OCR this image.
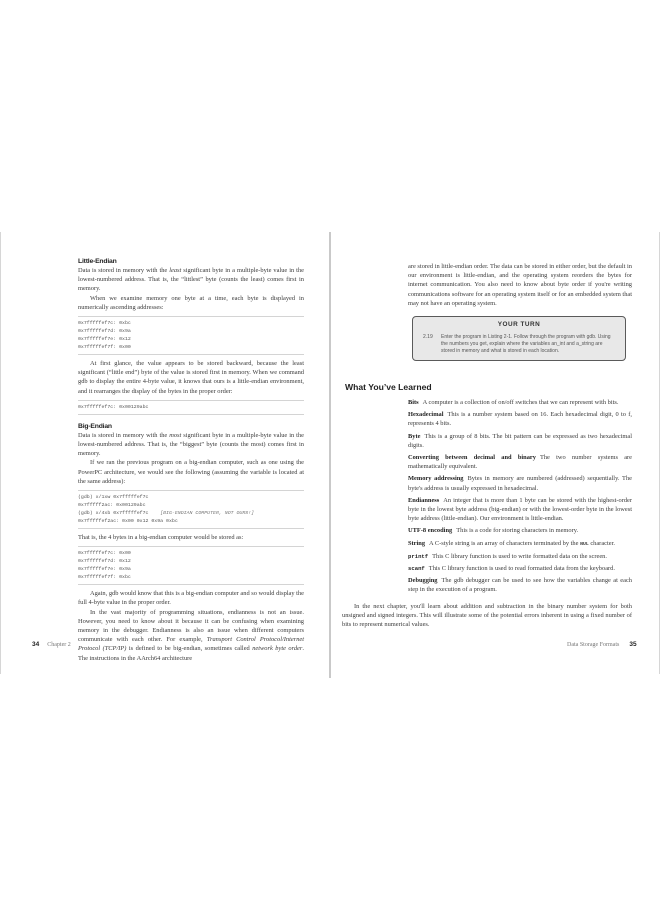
Little-Endian

Data is stored in memory with the least significant byte in a multiple-byte value in the lowest-numbered address. That is, the “littlest” byte (counts the least) comes first in memory.

When we examine memory one byte at a time, each byte is displayed in numerically ascending addresses:

0x7fffffef7c: 0xbc
0x7fffffef7d: 0x9a
0x7fffffef7e: 0x12
0x7fffffef7f: 0x00

At first glance, the value appears to be stored backward, because the least significant (“little end”) byte of the value is stored first in memory. When we command gdb to display the entire 4-byte value, it knows that ours is a little-endian environment, and it rearranges the display of the bytes in the proper order:

0x7fffffef7c: 0x00129abc
Big-Endian

Data is stored in memory with the most significant byte in a multiple-byte value in the lowest-numbered address. That is, the “biggest” byte (counts the most) comes first in memory.

If we ran the previous program on a big-endian computer, such as one using the PowerPC architecture, we would see the following (assuming the variable is located at the same address):

(gdb) x/1xw 0x7fffffef7c
0x7fffff2ac: 0x00129abc
(gdb) x/4xb 0x7fffffef7c    [BIG-ENDIAN COMPUTER, NOT OURS!]
0x7fffffef2ac: 0x00 0x12 0x9a 0xbc

That is, the 4 bytes in a big-endian computer would be stored as:

0x7fffffef7c: 0x00
0x7fffffef7d: 0x12
0x7fffffef7e: 0x9a
0x7fffffef7f: 0xbc

Again, gdb would know that this is a big-endian computer and so would display the full 4-byte value in the proper order.

In the vast majority of programming situations, endianness is not an issue. However, you need to know about it because it can be confusing when examining memory in the debugger. Endianness is also an issue when different computers communicate with each other. For example, Transport Control Protocol/Internet Protocol (TCP/IP) is defined to be big-endian, sometimes called network byte order. The instructions in the AArch64 architecture

34 Chapter 2

are stored in little-endian order. The data can be stored in either order, but the default in our environment is little-endian, and the operating system reorders the bytes for internet communication. You also need to know about byte order if you're writing communications software for an operating system itself or for an embedded system that may not have an operating system.

YOUR TURN
2.19	Enter the program in Listing 2-1. Follow through the program with gdb. Using the numbers you get, explain where the variables an_int and a_string are stored in memory and what is stored in each location.
What You’ve Learned

Bits A computer is a collection of on/off switches that we can represent with bits.

Hexadecimal This is a number system based on 16. Each hexadecimal digit, 0 to f, represents 4 bits.

Byte This is a group of 8 bits. The bit pattern can be expressed as two hexadecimal digits.

Converting between decimal and binary The two number systems are mathematically equivalent.

Memory addressing Bytes in memory are numbered (addressed) sequentially. The byte's address is usually expressed in hexadecimal.

Endianness An integer that is more than 1 byte can be stored with the highest-order byte in the lowest byte address (big-endian) or with the lowest-order byte in the lowest byte address (little-endian). Our environment is little-endian.

UTF-8 encoding This is a code for storing characters in memory.

String A C-style string is an array of characters terminated by the NUL character.

printf This C library function is used to write formatted data on the screen.

scanf This C library function is used to read formatted data from the keyboard.

Debugging The gdb debugger can be used to see how the variables change at each step in the execution of a program.

In the next chapter, you'll learn about addition and subtraction in the binary number system for both unsigned and signed integers. This will illustrate some of the potential errors inherent in using a fixed number of bits to represent numerical values.

Data Storage Formats 35
